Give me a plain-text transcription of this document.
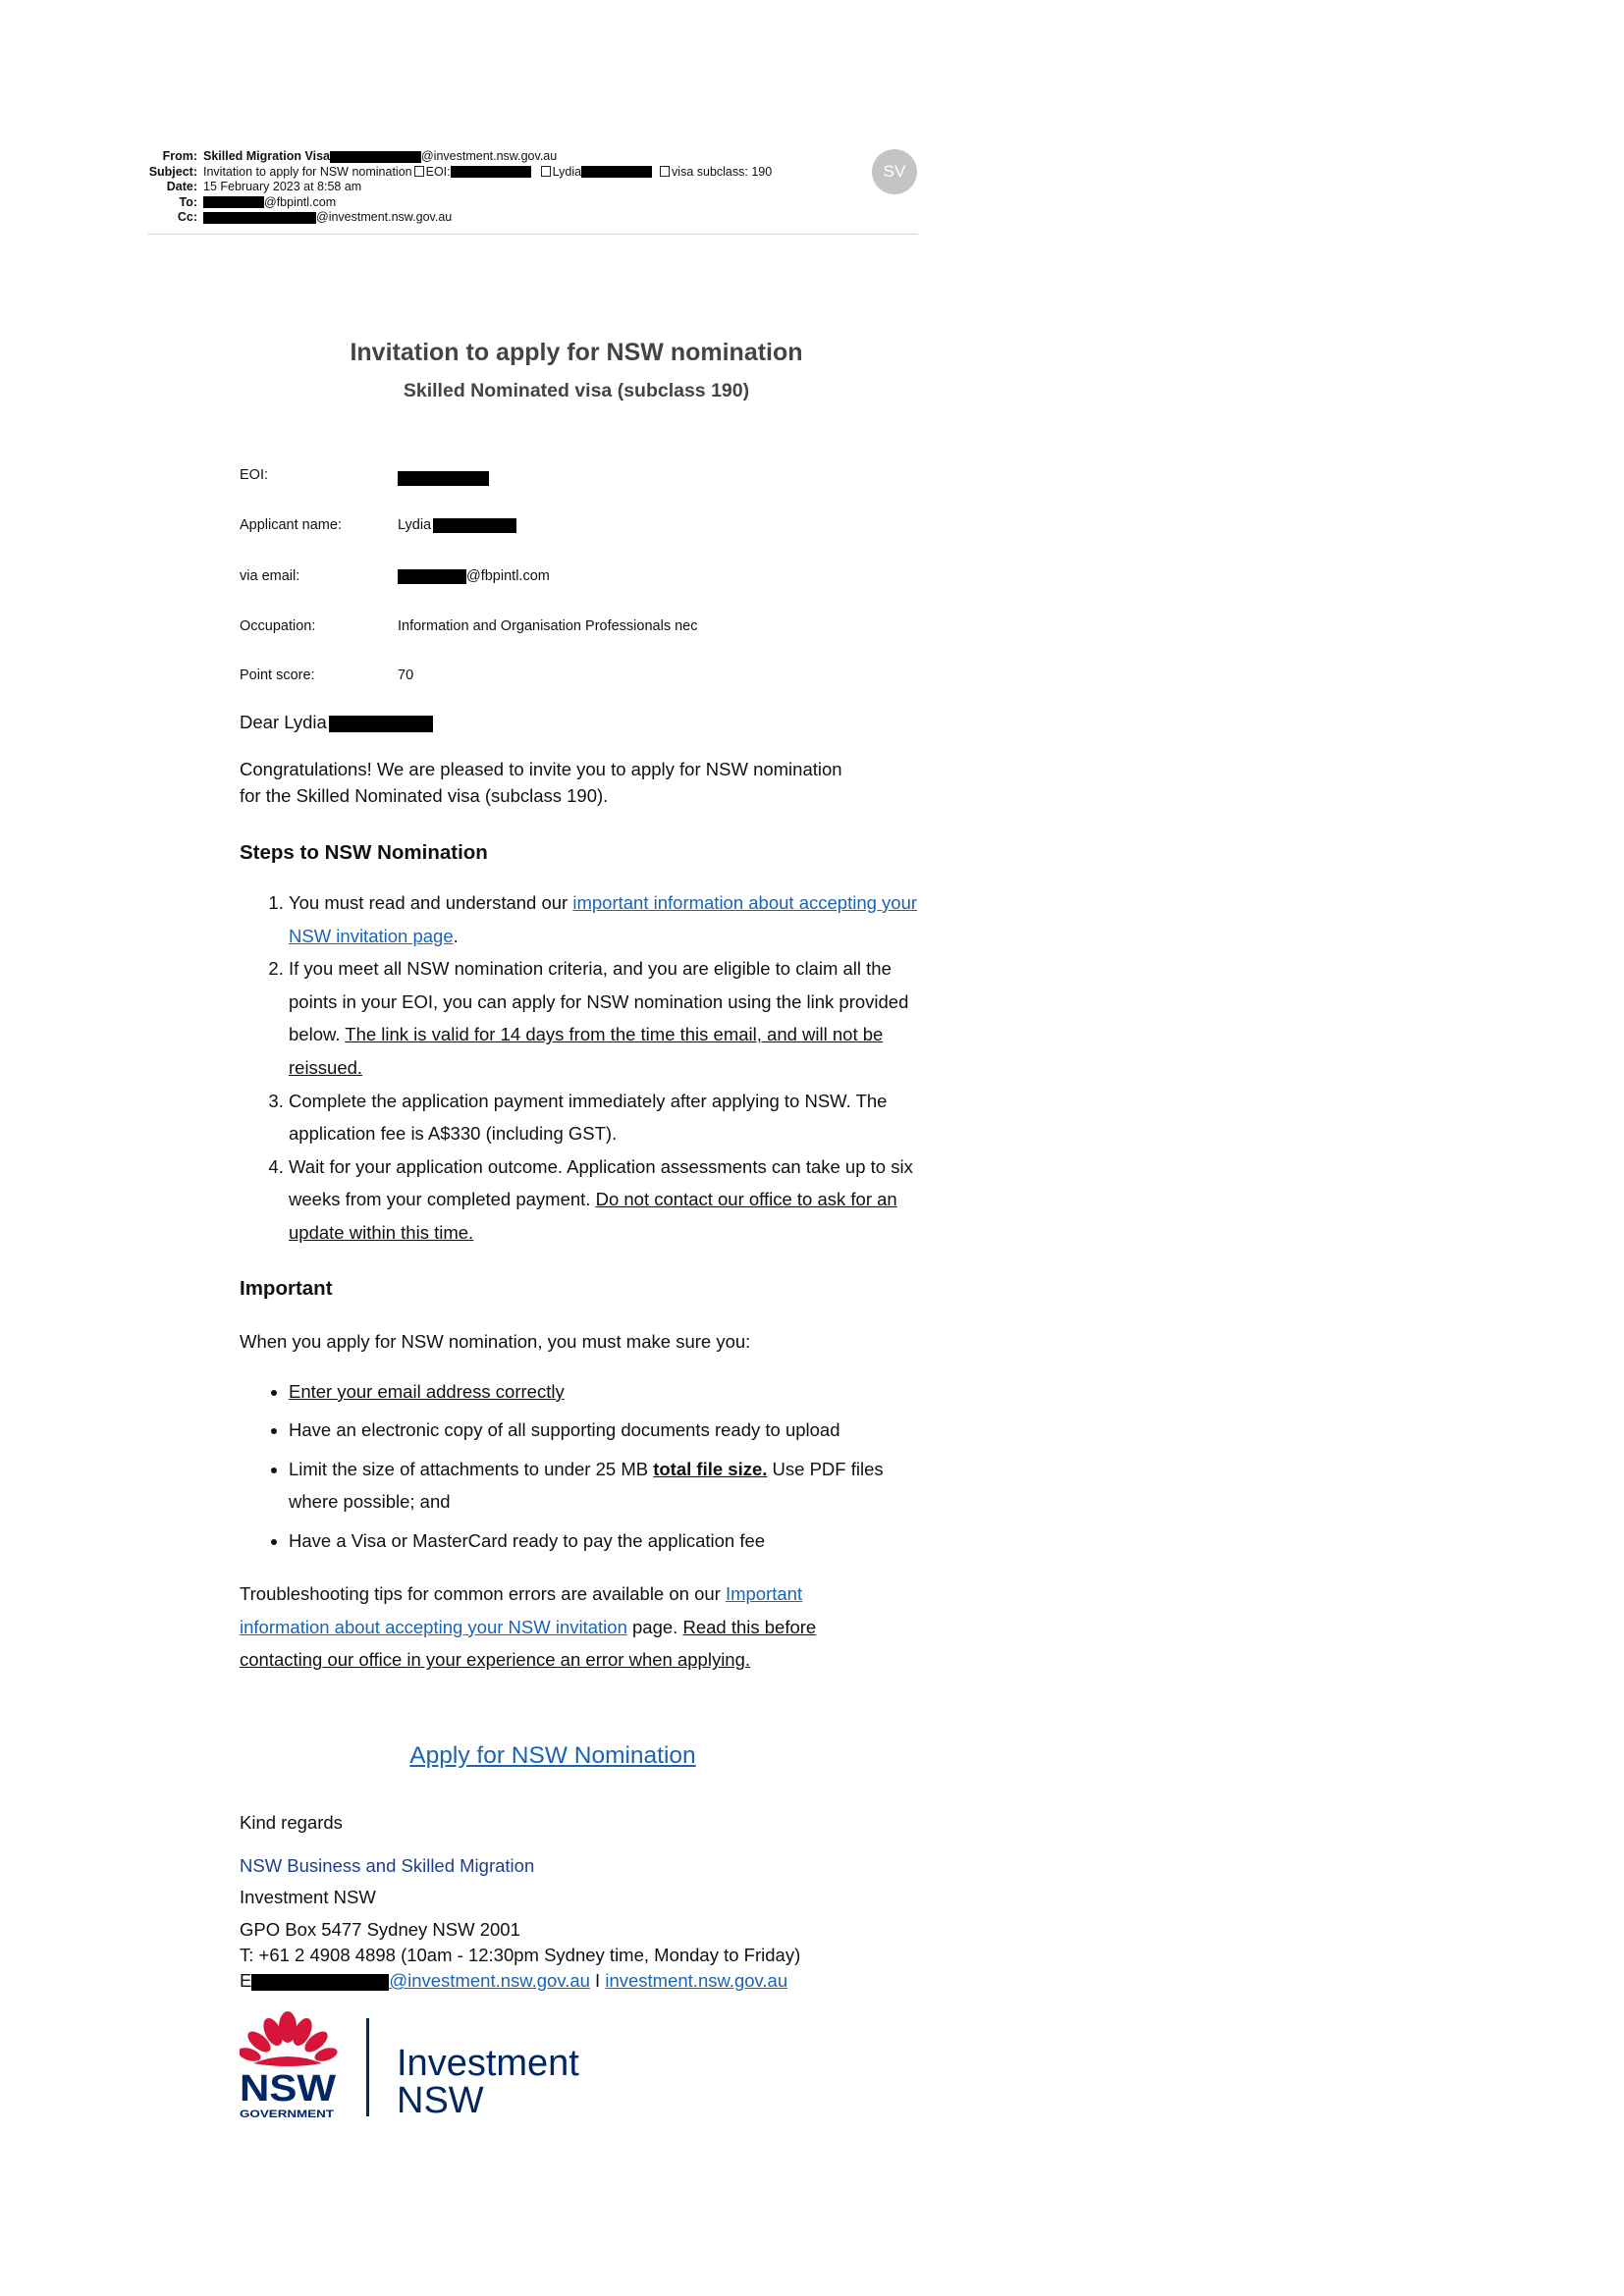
From: Skilled Migration Visa	@investment.nsw.gov.au
Subject: Invitation to apply for NSW nomination EOI:	Lydia	visa subclass: 190
Date: 15 February 2023 at 8:58 am
To:	@fbpintl.com
Cc:	@investment.nsw.gov.au
SV
Invitation to apply for NSW nomination
Skilled Nominated visa (subclass 190)
EOI:
Applicant name:	Lydia
via email:	@fbpintl.com
Occupation:	Information and Organisation Professionals nec
Point score:	70
Dear Lydia
Congratulations! We are pleased to invite you to apply for NSW nomination for the Skilled Nominated visa (subclass 190).
Steps to NSW Nomination
1. You must read and understand our important information about accepting your NSW invitation page.
2. If you meet all NSW nomination criteria, and you are eligible to claim all the points in your EOI, you can apply for NSW nomination using the link provided below. The link is valid for 14 days from the time this email, and will not be reissued.
3. Complete the application payment immediately after applying to NSW. The application fee is A$330 (including GST).
4. Wait for your application outcome. Application assessments can take up to six weeks from your completed payment. Do not contact our office to ask for an update within this time.
Important
When you apply for NSW nomination, you must make sure you:
• Enter your email address correctly
• Have an electronic copy of all supporting documents ready to upload
• Limit the size of attachments to under 25 MB total file size. Use PDF files where possible; and
• Have a Visa or MasterCard ready to pay the application fee
Troubleshooting tips for common errors are available on our Important information about accepting your NSW invitation page. Read this before contacting our office in your experience an error when applying.
Apply for NSW Nomination
Kind regards
NSW Business and Skilled Migration
Investment NSW
GPO Box 5477 Sydney NSW 2001
T: +61 2 4908 4898 (10am - 12:30pm Sydney time, Monday to Friday)
E	@investment.nsw.gov.au I investment.nsw.gov.au
NSW
GOVERNMENT
Investment
NSW
